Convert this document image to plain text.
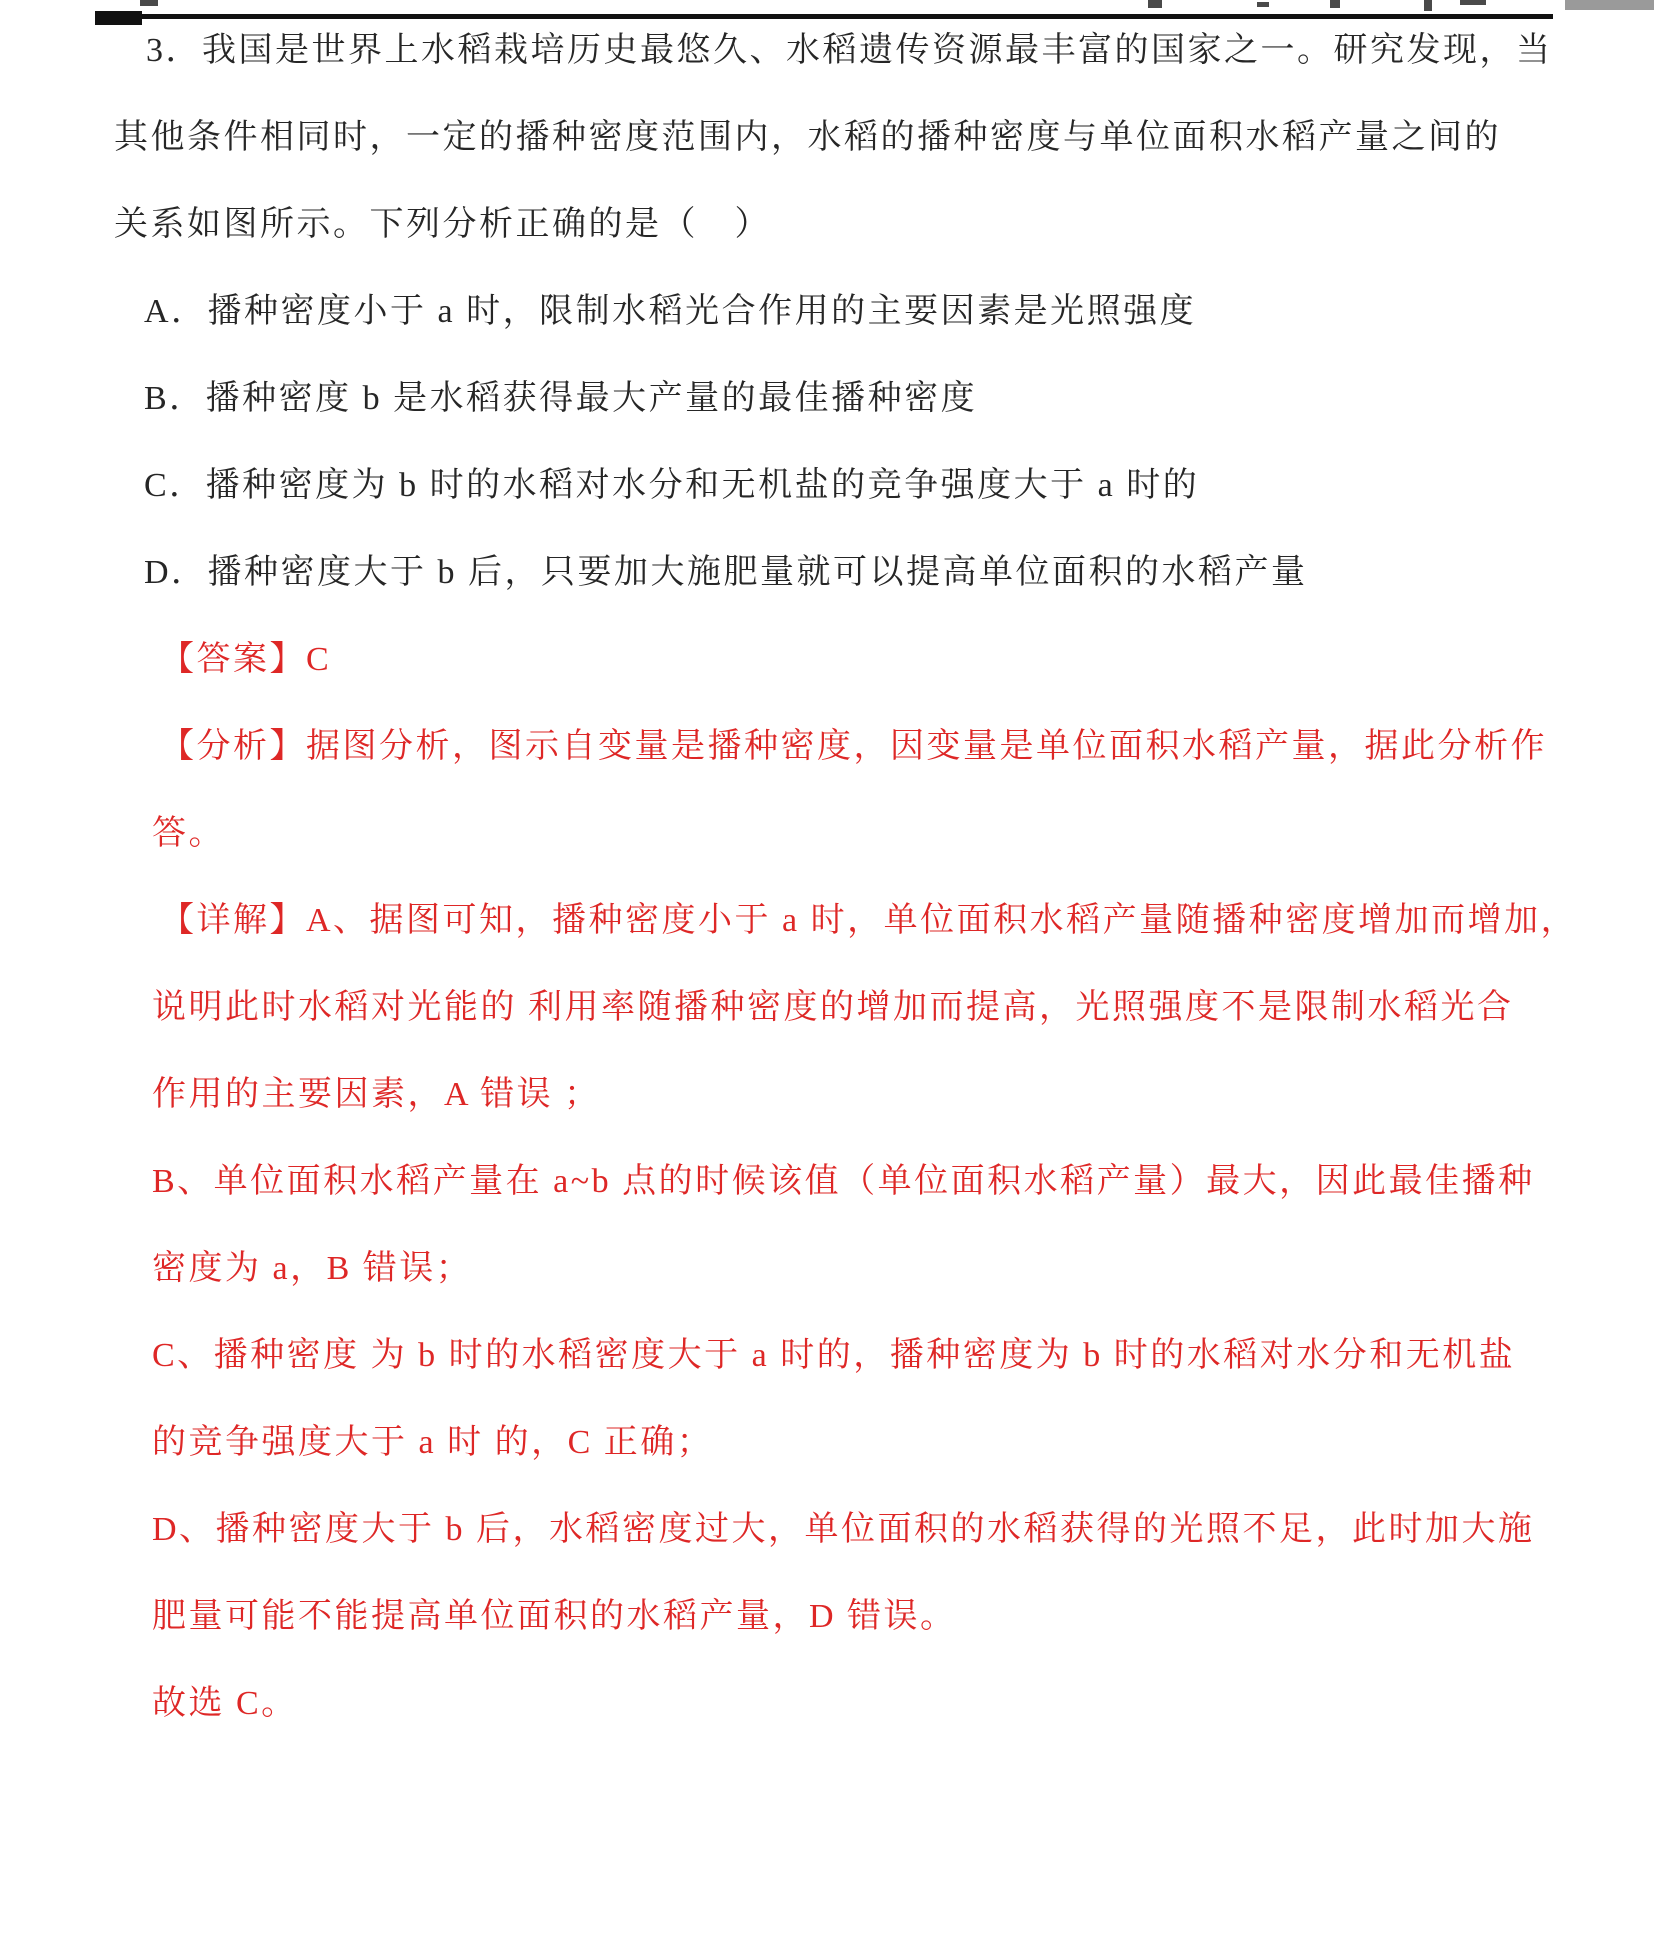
3．我国是世界上水稻栽培历史最悠久、水稻遗传资源最丰富的国家之一。研究发现，当
其他条件相同时，一定的播种密度范围内，水稻的播种密度与单位面积水稻产量之间的
关系如图所示。下列分析正确的是（　）
A．播种密度小于 a 时，限制水稻光合作用的主要因素是光照强度
B．播种密度 b 是水稻获得最大产量的最佳播种密度
C．播种密度为 b 时的水稻对水分和无机盐的竞争强度大于 a 时的
D．播种密度大于 b 后，只要加大施肥量就可以提高单位面积的水稻产量
【答案】C
【分析】据图分析，图示自变量是播种密度，因变量是单位面积水稻产量，据此分析作
答。
【详解】A、据图可知，播种密度小于 a 时，单位面积水稻产量随播种密度增加而增加，
说明此时水稻对光能的 利用率随播种密度的增加而提高，光照强度不是限制水稻光合
作用的主要因素，A 错误 ；
B、单位面积水稻产量在 a~b 点的时候该值（单位面积水稻产量）最大，因此最佳播种
密度为 a，B 错误；
C、播种密度 为 b 时的水稻密度大于 a 时的，播种密度为 b 时的水稻对水分和无机盐
的竞争强度大于 a 时 的，C 正确；
D、播种密度大于 b 后，水稻密度过大，单位面积的水稻获得的光照不足，此时加大施
肥量可能不能提高单位面积的水稻产量，D 错误。
故选 C。
